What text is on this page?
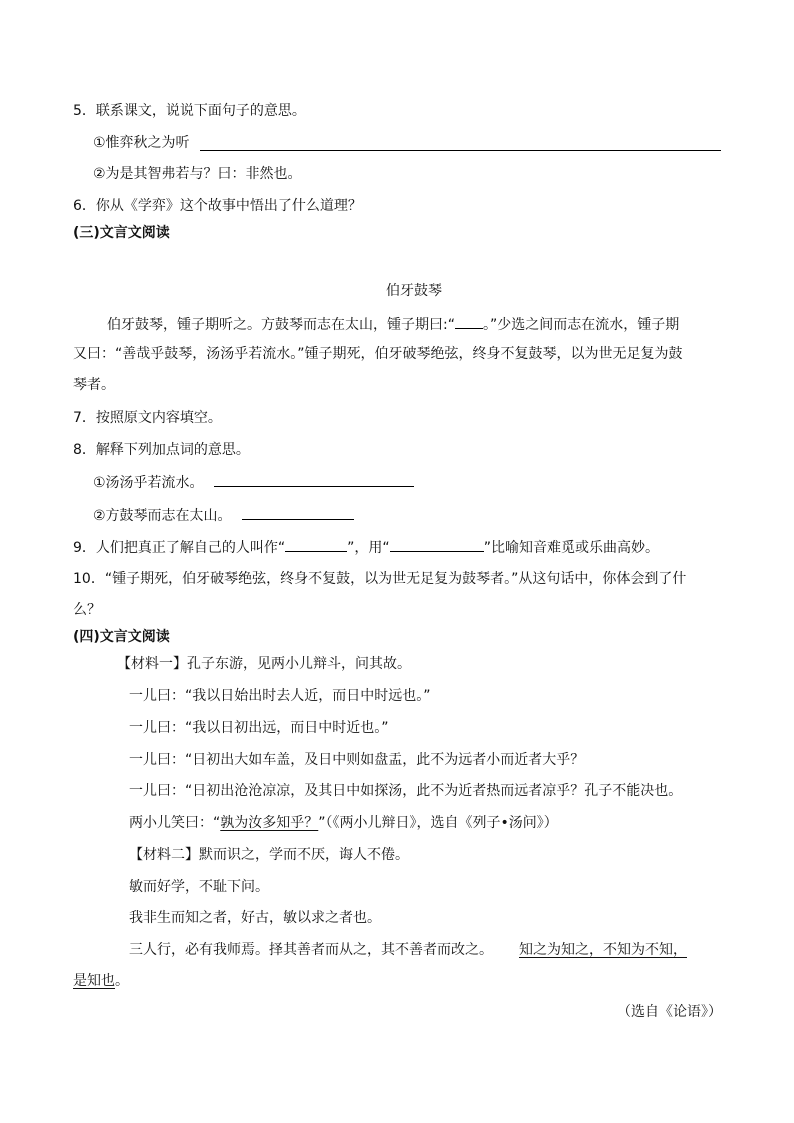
5．联系课文，说说下面句子的意思。
①惟弈秋之为听
②为是其智弗若与？曰：非然也。
6．你从《学弈》这个故事中悟出了什么道理？
(三)文言文阅读
伯牙鼓琴
伯牙鼓琴，锺子期听之。方鼓琴而志在太山，锺子期曰:“ 。”少选之间而志在流水，锺子期
又曰：“善哉乎鼓琴，汤汤乎若流水。”锺子期死，伯牙破琴绝弦，终身不复鼓琴，以为世无足复为鼓
琴者。
7．按照原文内容填空。
8．解释下列加点词的意思。
①汤汤乎若流水。
②方鼓琴而志在太山。
9．人们把真正了解自己的人叫作“	”，用“	”比喻知音难觅或乐曲高妙。
10．“锺子期死，伯牙破琴绝弦，终身不复鼓，以为世无足复为鼓琴者。”从这句话中，你体会到了什
么？
(四)文言文阅读
【材料一】孔子东游，见两小儿辩斗，问其故。
一儿曰：“我以日始出时去人近，而日中时远也。”
一儿曰：“我以日初出远，而日中时近也。”
一儿曰：“日初出大如车盖，及日中则如盘盂，此不为远者小而近者大乎？
一儿曰：“日初出沧沧凉凉，及其日中如探汤，此不为近者热而远者凉乎？孔子不能决也。
两小儿笑曰：“孰为汝多知乎？”（《两小儿辩日》，选自《列子•汤问》）
【材料二】默而识之，学而不厌，诲人不倦。
敏而好学，不耻下问。
我非生而知之者，好古，敏以求之者也。
三人行，必有我师焉。择其善者而从之，其不善者而改之。 知之为知之，不知为不知，
是知也。
（选自《论语》）
